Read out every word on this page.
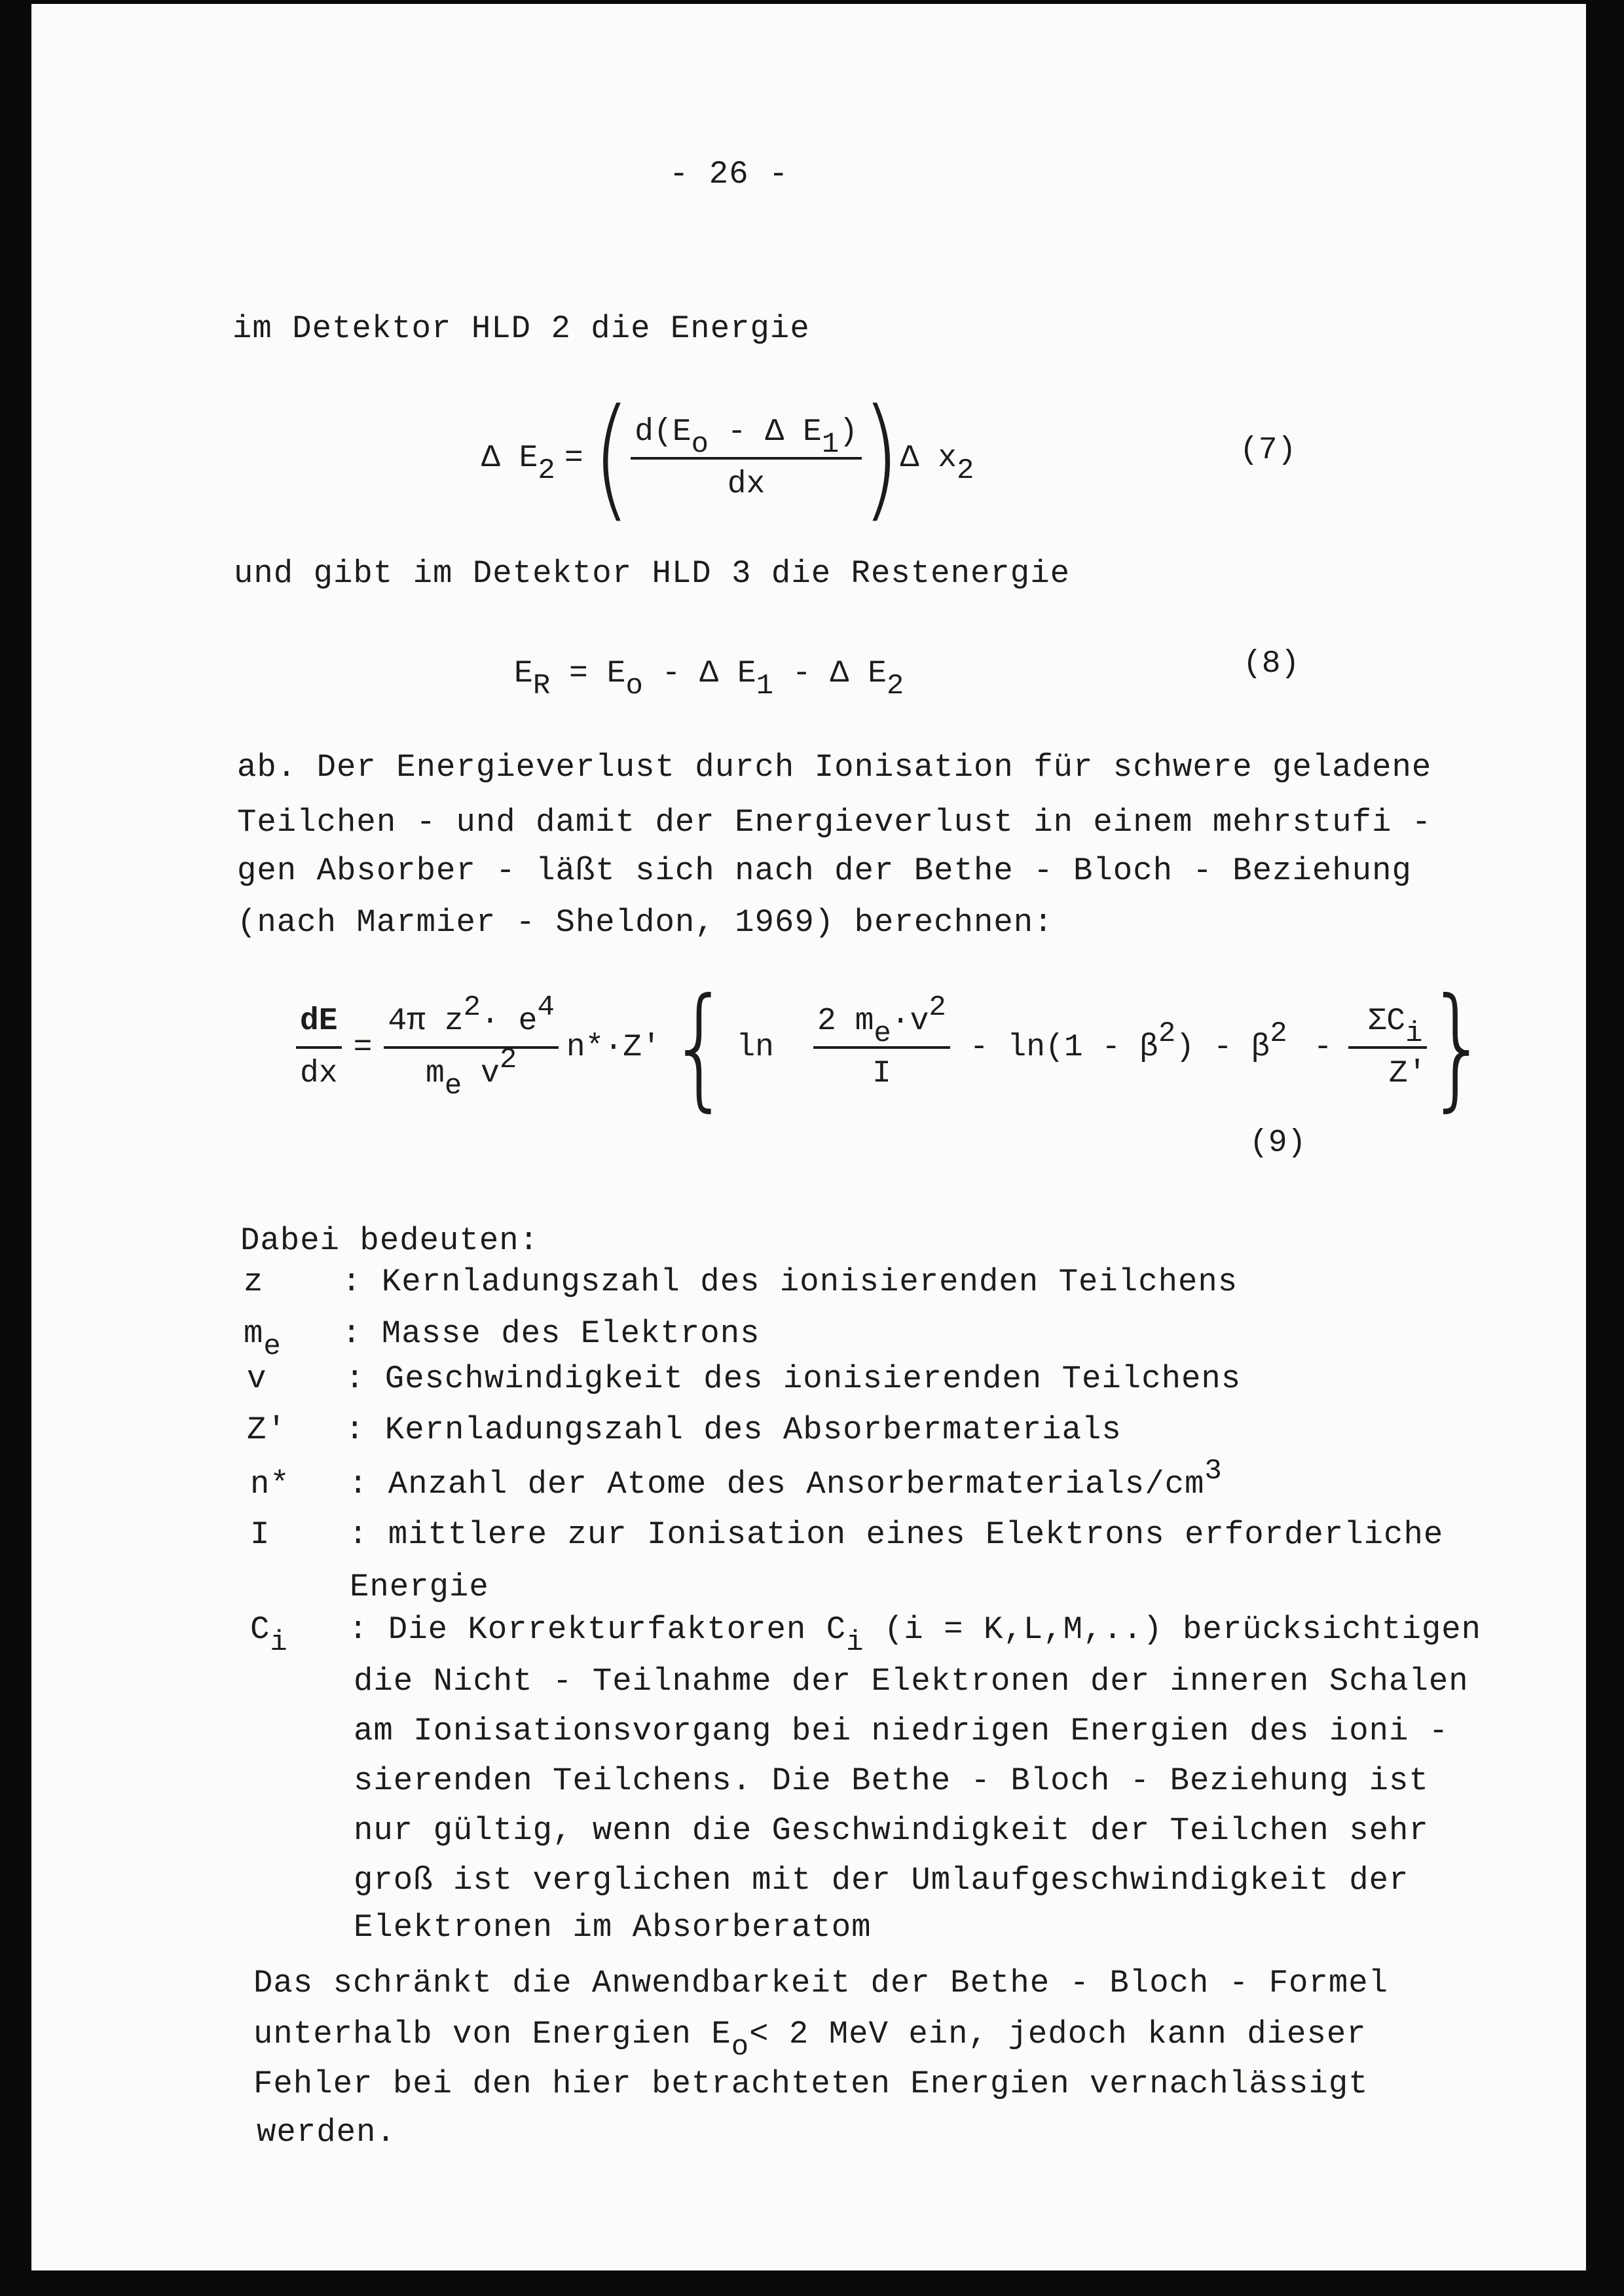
- 26 -
im Detektor HLD 2 die Energie
Δ E2 = ( $\frac{\text{d(Eo - Δ E1)}}{dx}$ ) Δ x2
(7)
und gibt im Detektor HLD 3 die Restenergie
ER = Eo - Δ E1 - Δ E2
(8)
ab. Der Energieverlust durch Ionisation für schwere geladene
Teilchen - und damit der Energieverlust in einem mehrstufi -
gen Absorber - läßt sich nach der Bethe - Bloch - Beziehung
(nach Marmier - Sheldon, 1969) berechnen:
$\frac{dE}{dx} = \frac{\text{4π z2· e4}}{\text{me v2}} n*\cdot Z'$ { $\ln \frac{2 me\cdot v2}{I} - \ln(1 - \beta 2) - \beta 2 - \frac{\text{ΣCi}}{Z'}$ }
(9)
Dabei bedeuten:
z : Kernladungszahl des ionisierenden Teilchens
me : Masse des Elektrons
v : Geschwindigkeit des ionisierenden Teilchens
Z' : Kernladungszahl des Absorbermaterials
n* : Anzahl der Atome des Ansorbermaterials/cm3
I : mittlere zur Ionisation eines Elektrons erforderliche
Energie
Ci : Die Korrekturfaktoren Ci (i = K,L,M,..) berücksichtigen
die Nicht - Teilnahme der Elektronen der inneren Schalen
am Ionisationsvorgang bei niedrigen Energien des ioni -
sierenden Teilchens. Die Bethe - Bloch - Beziehung ist
nur gültig, wenn die Geschwindigkeit der Teilchen sehr
groß ist verglichen mit der Umlaufgeschwindigkeit der
Elektronen im Absorberatom
Das schränkt die Anwendbarkeit der Bethe - Bloch - Formel
unterhalb von Energien Eo< 2 MeV ein, jedoch kann dieser
Fehler bei den hier betrachteten Energien vernachlässigt
werden.
